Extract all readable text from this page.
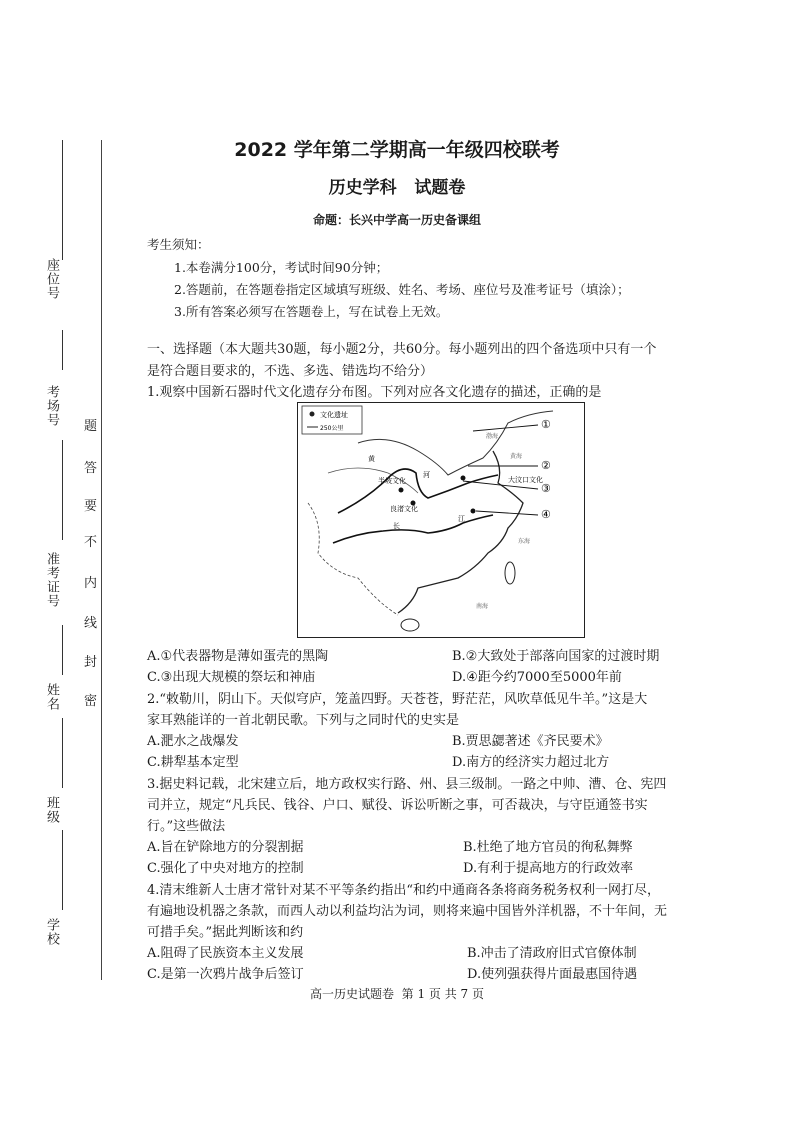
座位号
考场号
准考证号
姓名
班级
学校
题
答
要
不
内
线
封
密
2022 学年第二学期高一年级四校联考
历史学科   试题卷
命题：长兴中学高一历史备课组
考生须知：
1.本卷满分100分，考试时间90分钟；
2.答题前，在答题卷指定区域填写班级、姓名、考场、座位号及准考证号（填涂）；
3.所有答案必须写在答题卷上，写在试卷上无效。
一、选择题（本大题共30题，每小题2分，共60分。每小题列出的四个备选项中只有一个
是符合题目要求的，不选、多选、错选均不给分）
1.观察中国新石器时代文化遗存分布图。下列对应各文化遗存的描述，正确的是
文化遗址
250公里	①
②
③
④
半坡文化
良渚文化
大汶口文化
黄
河
长
江
渤海
黄海
东海
南海
A.①代表器物是薄如蛋壳的黑陶	B.②大致处于部落向国家的过渡时期
C.③出现大规模的祭坛和神庙	D.④距今约7000至5000年前
2.“敕勒川，阴山下。天似穹庐，笼盖四野。天苍苍，野茫茫，风吹草低见牛羊。”这是大
家耳熟能详的一首北朝民歌。下列与之同时代的史实是
A.淝水之战爆发	B.贾思勰著述《齐民要术》
C.耕犁基本定型	D.南方的经济实力超过北方
3.据史料记载，北宋建立后，地方政权实行路、州、县三级制。一路之中帅、漕、仓、宪四
司并立，规定“凡兵民、钱谷、户口、赋役、诉讼听断之事，可否裁决，与守臣通签书实
行。”这些做法
A.旨在铲除地方的分裂割据	B.杜绝了地方官员的徇私舞弊
C.强化了中央对地方的控制	D.有利于提高地方的行政效率
4.清末维新人士唐才常针对某不平等条约指出“和约中通商各条将商务税务权利一网打尽，
有遍地设机器之条款，而西人动以利益均沾为词，则将来遍中国皆外洋机器，不十年间，无
可措手矣。”据此判断该和约
A.阻碍了民族资本主义发展	B.冲击了清政府旧式官僚体制
C.是第一次鸦片战争后签订	D.使列强获得片面最惠国待遇
高一历史试题卷  第 1 页 共 7 页
